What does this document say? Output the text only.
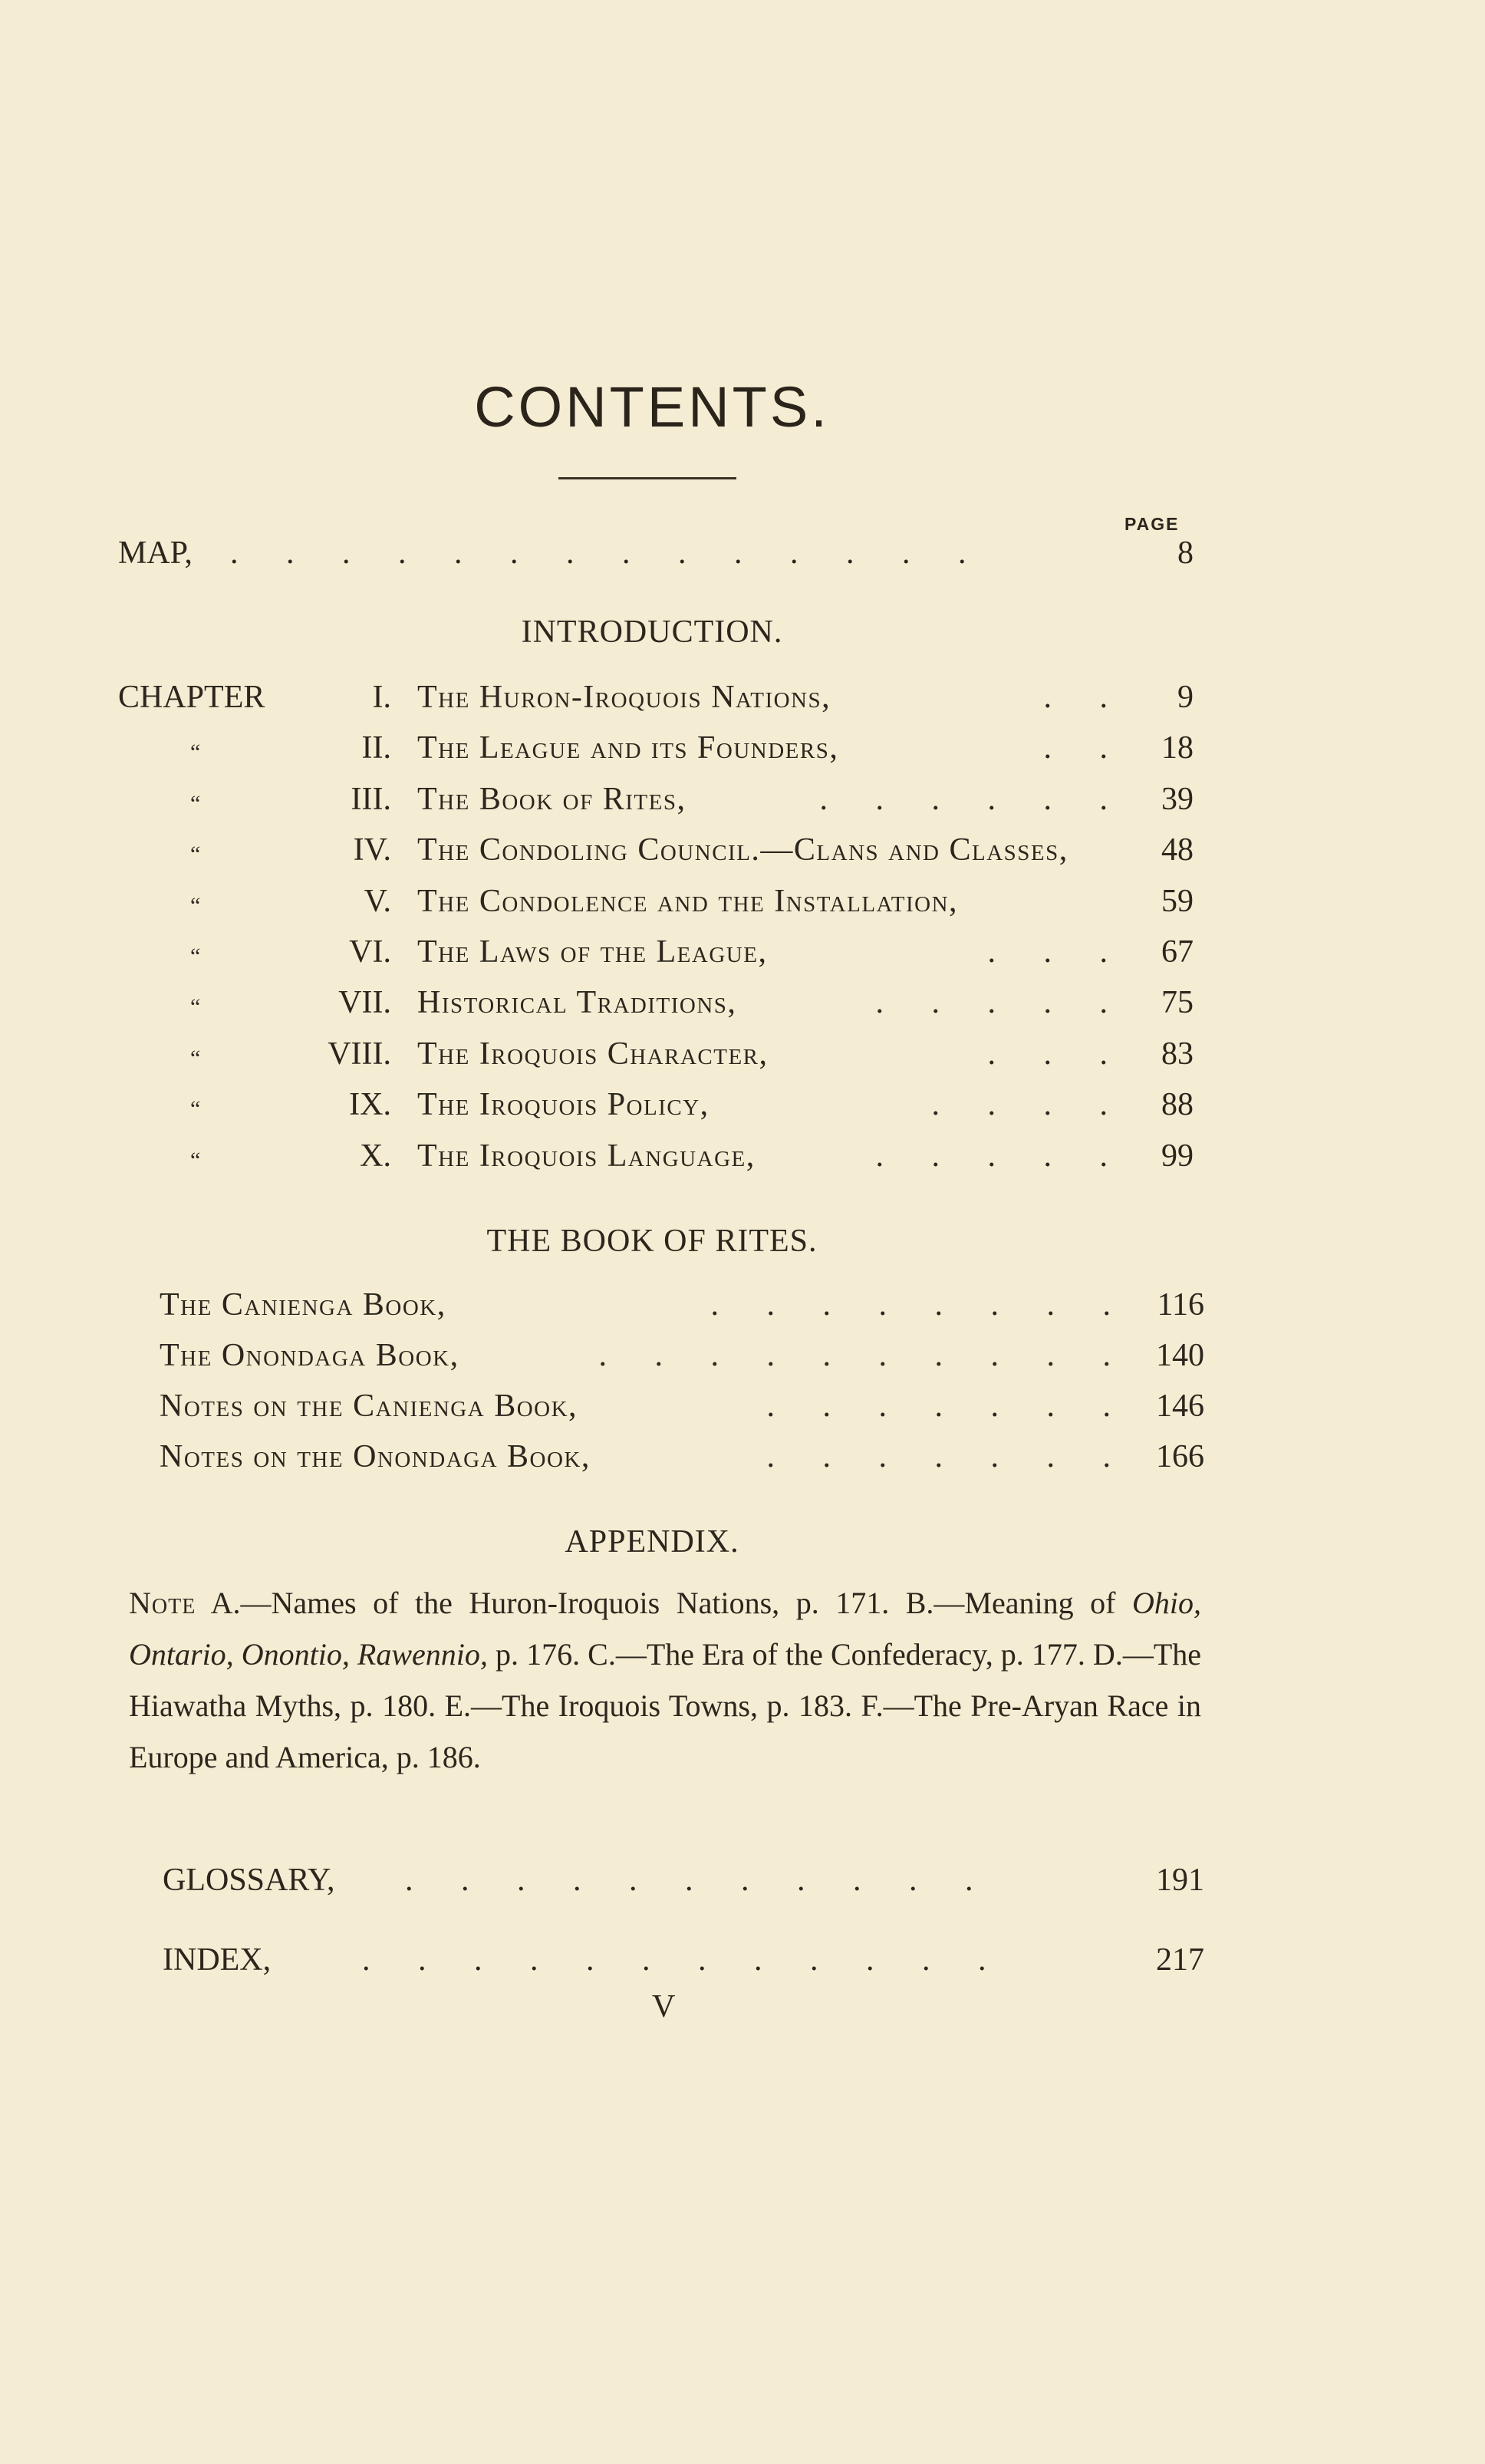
CONTENTS.
PAGE
MAP, . . . . . . . . . . . . . .	8
INTRODUCTION.
CHAPTER	I. The Huron-Iroquois Nations,	. .	9
“	II. The League and its Founders,	. .	18
“	III. The Book of Rites,	. . . . . .	39
“	IV. The Condoling Council.—Clans and Classes,	48
“	V. The Condolence and the Installation,	59
“	VI. The Laws of the League,	. . .	67
“	VII. Historical Traditions,	. . . . .	75
“	VIII. The Iroquois Character,	. . .	83
“	IX. The Iroquois Policy,	. . . .	88
“	X. The Iroquois Language,	. . . . .	99
THE BOOK OF RITES.
The Canienga Book,	. . . . . . . . 116
The Onondaga Book,	. . . . . . . . . . 140
Notes on the Canienga Book,	. . . . . . . 146
Notes on the Onondaga Book,	. . . . . . . 166
APPENDIX.
Note A.—Names of the Huron-Iroquois Nations, p. 171. B.—Meaning of Ohio, Ontario, Onontio, Rawennio, p. 176. C.—The Era of the Confederacy, p. 177. D.—The Hiawatha Myths, p. 180. E.—The Iroquois Towns, p. 183. F.—The Pre-Aryan Race in Europe and America, p. 186.
GLOSSARY, . . . . . . . . . . .	191
INDEX,	. . . . . . . . . . . .	217
V
